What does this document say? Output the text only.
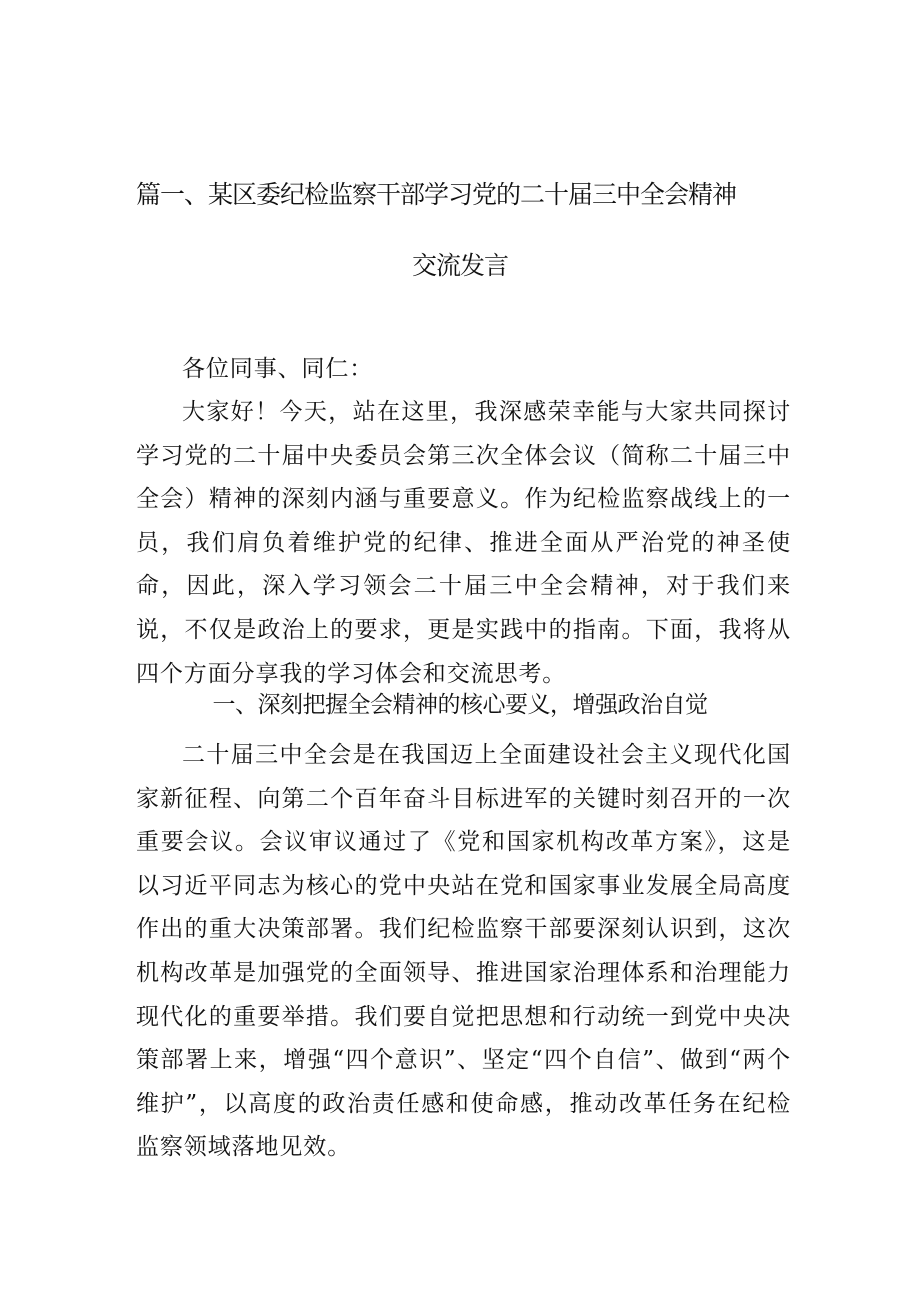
篇一、某区委纪检监察干部学习党的二十届三中全会精神
交流发言
各位同事、同仁：
大家好！今天，站在这里，我深感荣幸能与大家共同探讨学习党的二十届中央委员会第三次全体会议（简称二十届三中全会）精神的深刻内涵与重要意义。作为纪检监察战线上的一员，我们肩负着维护党的纪律、推进全面从严治党的神圣使命，因此，深入学习领会二十届三中全会精神，对于我们来说，不仅是政治上的要求，更是实践中的指南。下面，我将从四个方面分享我的学习体会和交流思考。
一、深刻把握全会精神的核心要义，增强政治自觉
二十届三中全会是在我国迈上全面建设社会主义现代化国家新征程、向第二个百年奋斗目标进军的关键时刻召开的一次重要会议。会议审议通过了《党和国家机构改革方案》，这是以习近平同志为核心的党中央站在党和国家事业发展全局高度作出的重大决策部署。我们纪检监察干部要深刻认识到，这次机构改革是加强党的全面领导、推进国家治理体系和治理能力现代化的重要举措。我们要自觉把思想和行动统一到党中央决策部署上来，增强“四个意识”、坚定“四个自信”、做到“两个维护”，以高度的政治责任感和使命感，推动改革任务在纪检监察领域落地见效。
